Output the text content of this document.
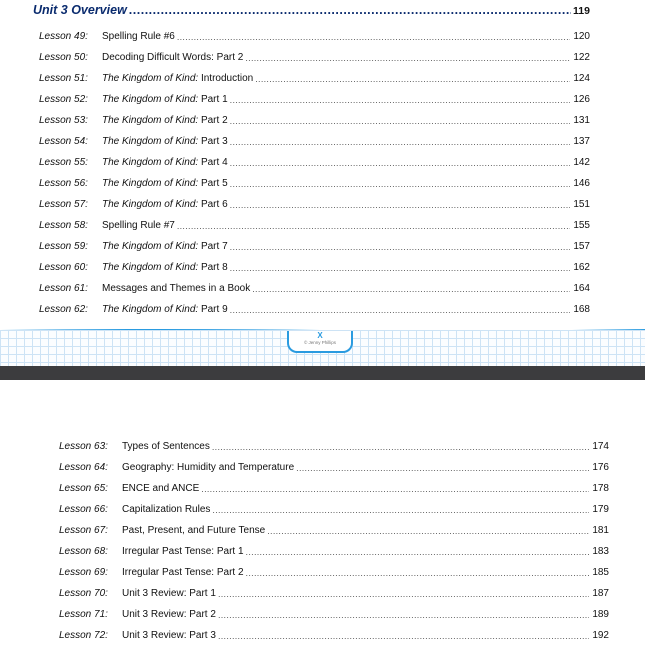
Unit 3 Overview .....	119
Lesson 49:	Spelling Rule #6 .....	120
Lesson 50:	Decoding Difficult Words: Part 2 .....	122
Lesson 51:	The Kingdom of Kind: Introduction .....	124
Lesson 52:	The Kingdom of Kind: Part 1 .....	126
Lesson 53:	The Kingdom of Kind: Part 2 .....	131
Lesson 54:	The Kingdom of Kind: Part 3 .....	137
Lesson 55:	The Kingdom of Kind: Part 4 .....	142
Lesson 56:	The Kingdom of Kind: Part 5 .....	146
Lesson 57:	The Kingdom of Kind: Part 6 .....	151
Lesson 58:	Spelling Rule #7 .....	155
Lesson 59:	The Kingdom of Kind: Part 7 .....	157
Lesson 60:	The Kingdom of Kind: Part 8 .....	162
Lesson 61:	Messages and Themes in a Book .....	164
Lesson 62:	The Kingdom of Kind: Part 9 .....	168
X
© Jenny Phillips
Lesson 63:	Types of Sentences .....	174
Lesson 64:	Geography: Humidity and Temperature .....	176
Lesson 65:	ENCE and ANCE .....	178
Lesson 66:	Capitalization Rules .....	179
Lesson 67:	Past, Present, and Future Tense .....	181
Lesson 68:	Irregular Past Tense: Part 1 .....	183
Lesson 69:	Irregular Past Tense: Part 2 .....	185
Lesson 70:	Unit 3 Review: Part 1 .....	187
Lesson 71:	Unit 3 Review: Part 2 .....	189
Lesson 72:	Unit 3 Review: Part 3 .....	192
